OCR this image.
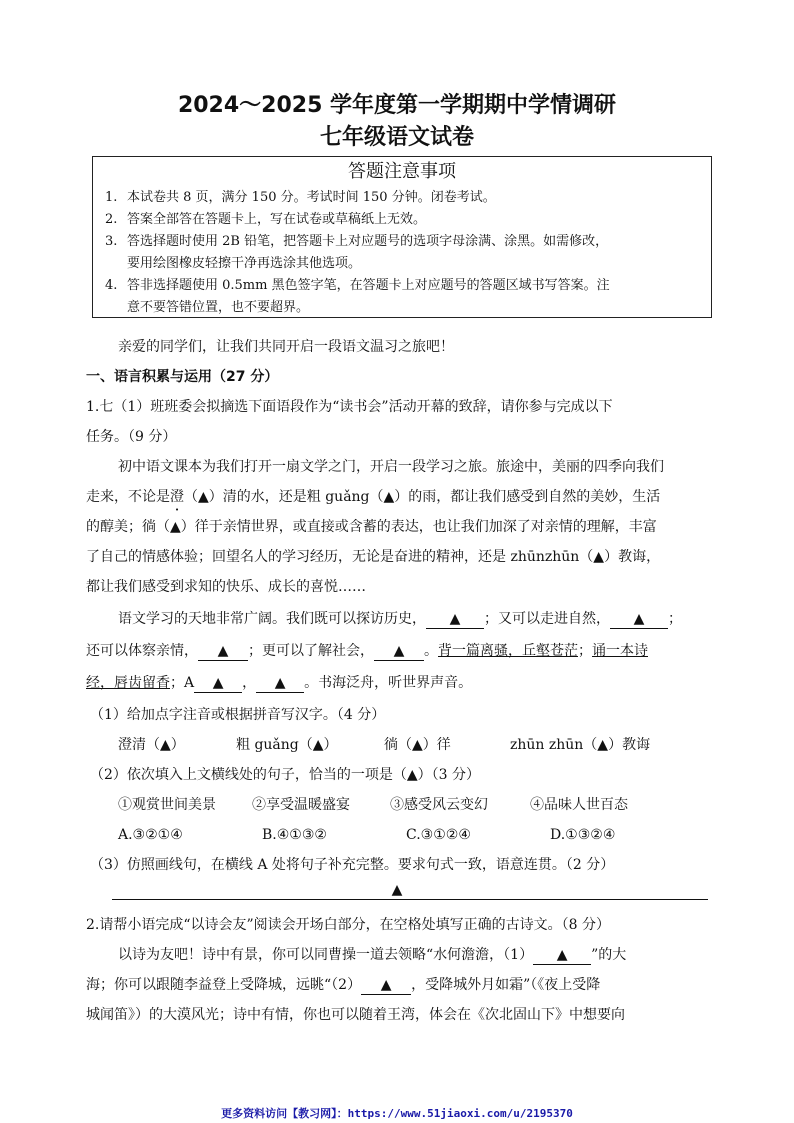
2024～2025 学年度第一学期期中学情调研
七年级语文试卷
答题注意事项
1. 本试卷共 8 页，满分 150 分。考试时间 150 分钟。闭卷考试。
2. 答案全部答在答题卡上，写在试卷或草稿纸上无效。
3. 答选择题时使用 2B 铅笔，把答题卡上对应题号的选项字母涂满、涂黑。如需修改，
要用绘图橡皮轻擦干净再选涂其他选项。
4. 答非选择题使用 0.5mm 黑色签字笔，在答题卡上对应题号的答题区域书写答案。注
意不要答错位置，也不要超界。
亲爱的同学们，让我们共同开启一段语文温习之旅吧！
一、语言积累与运用（27 分）
1.七（1）班班委会拟摘选下面语段作为“读书会”活动开幕的致辞，请你参与完成以下
任务。（9 分）
初中语文课本为我们打开一扇文学之门，开启一段学习之旅。旅途中，美丽的四季向我们
走来，不论是澄（▲）清的水，还是粗 guǎng（▲）的雨，都让我们感受到自然的美妙，生活
的醇美；徜（▲）徉于亲情世界，或直接或含蓄的表达，也让我们加深了对亲情的理解，丰富
了自己的情感体验；回望名人的学习经历，无论是奋进的精神，还是 zhūnzhūn（▲）教诲，
都让我们感受到求知的快乐、成长的喜悦……
语文学习的天地非常广阔。我们既可以探访历史， ▲ ；又可以走进自然， ▲ ；
还可以体察亲情， ▲ ；更可以了解社会， ▲ 。背一篇离骚，丘壑苍茫；诵一本诗
经，唇齿留香；A ▲ ， ▲ 。书海泛舟，听世界声音。
（1）给加点字注音或根据拼音写汉字。（4 分）
澄清（▲）	粗 guǎng（▲）	徜（▲）徉	zhūn zhūn（▲）教诲
（2）依次填入上文横线处的句子，恰当的一项是（▲）（3 分）
①观赏世间美景	②享受温暖盛宴	③感受风云变幻	④品味人世百态
A.③②①④	B.④①③②	C.③①②④	D.①③②④
（3）仿照画线句，在横线 A 处将句子补充完整。要求句式一致，语意连贯。（2 分）
▲
2.请帮小语完成“以诗会友”阅读会开场白部分，在空格处填写正确的古诗文。（8 分）
以诗为友吧！诗中有景，你可以同曹操一道去领略“水何澹澹，（1） ▲ ”的大
海；你可以跟随李益登上受降城，远眺“（2） ▲ ，受降城外月如霜”（《夜上受降
城闻笛》）的大漠风光；诗中有情，你也可以随着王湾，体会在《次北固山下》中想要向
更多资料访问【教习网】：https://www.51jiaoxi.com/u/2195370
